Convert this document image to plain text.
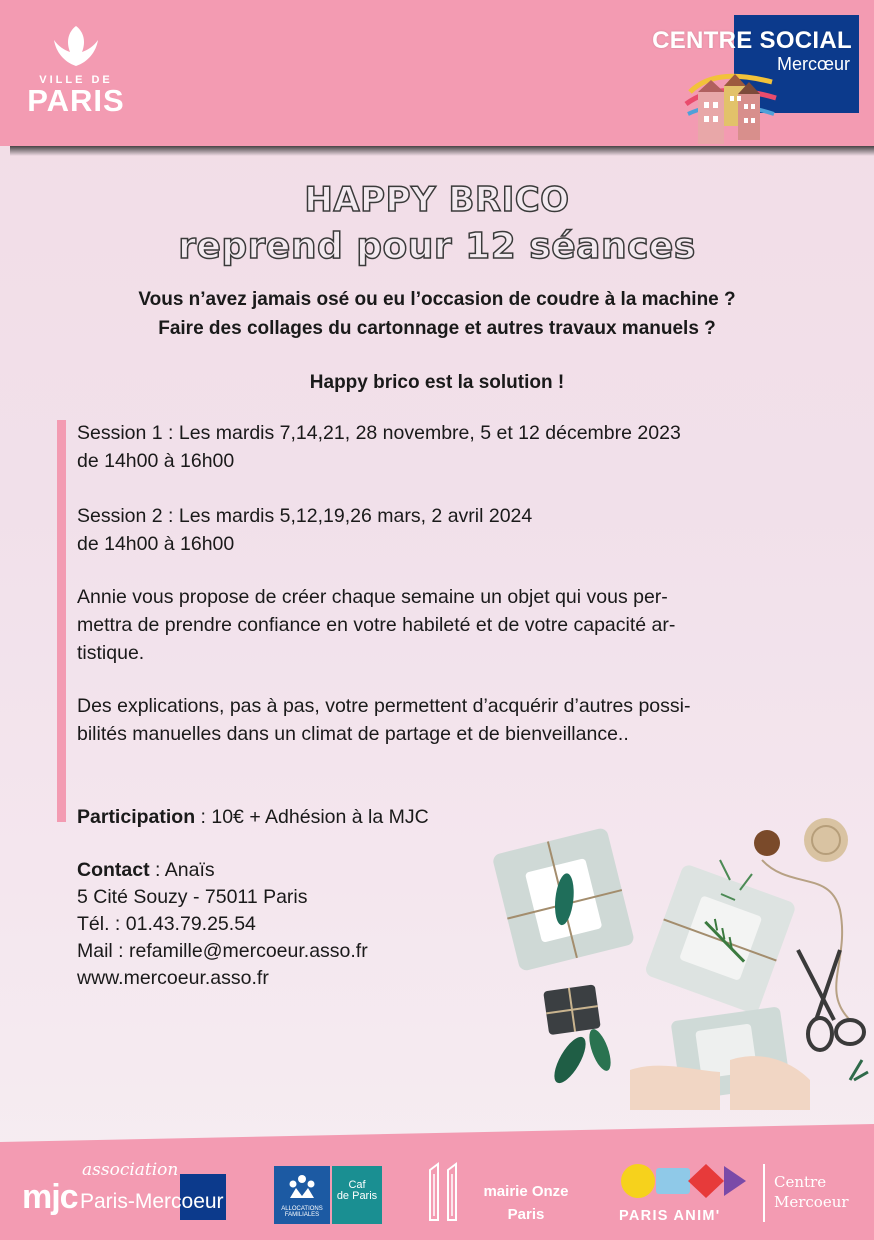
VILLE DE
PARIS
CENTRE SOCIAL
Mercœur
HAPPY BRICO
reprend pour 12 séances
Vous n’avez jamais osé ou eu l’occasion de coudre à la machine ?
Faire des collages du cartonnage et autres travaux manuels ?
Happy brico est la solution !
Session 1 : Les mardis 7,14,21, 28 novembre, 5 et 12 décembre 2023
de 14h00 à 16h00
Session 2 : Les mardis 5,12,19,26 mars, 2 avril 2024
de 14h00 à 16h00
Annie vous propose de créer chaque semaine un objet qui vous per-
mettra de prendre confiance en votre habileté et de votre capacité ar-
tistique.
Des explications, pas à pas, votre permettent d’acquérir d’autres possi-
bilités manuelles dans un climat de partage et de bienveillance..
Participation : 10€ + Adhésion à la MJC
Contact : Anaïs
5 Cité Souzy - 75011 Paris
Tél. : 01.43.79.25.54
Mail : refamille@mercoeur.asso.fr
www.mercoeur.asso.fr
association
mjc Paris-Mercoeur	ALLOCATIONS FAMILIALES
Caf
de Paris	mairie Onze
Paris	PARIS ANIM'
Centre
Mercoeur
